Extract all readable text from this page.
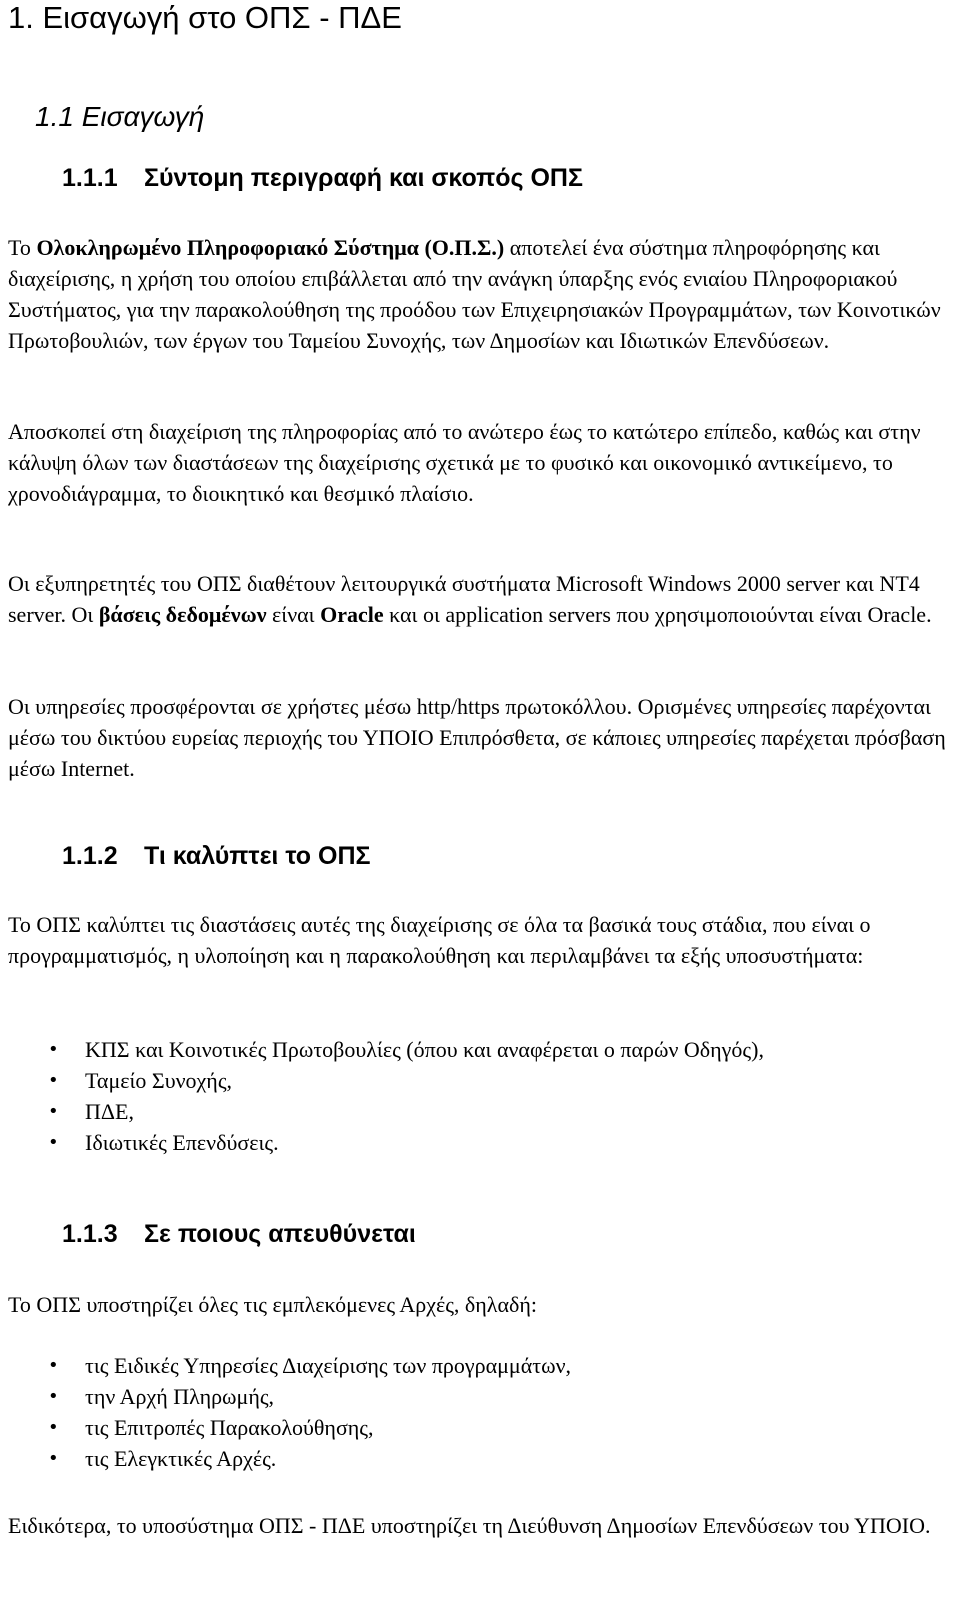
1. Εισαγωγή στο ΟΠΣ - ΠΔΕ
1.1 Εισαγωγή
1.1.1 Σύντομη περιγραφή και σκοπός ΟΠΣ
Το Ολοκληρωμένο Πληροφοριακό Σύστημα (Ο.Π.Σ.) αποτελεί ένα σύστημα πληροφόρησης και διαχείρισης, η χρήση του οποίου επιβάλλεται από την ανάγκη ύπαρξης ενός ενιαίου Πληροφοριακού Συστήματος, για την παρακολούθηση της προόδου των Επιχειρησιακών Προγραμμάτων, των Κοινοτικών Πρωτοβουλιών, των έργων του Ταμείου Συνοχής, των Δημοσίων και Ιδιωτικών Επενδύσεων.
Αποσκοπεί στη διαχείριση της πληροφορίας από το ανώτερο έως το κατώτερο επίπεδο, καθώς και στην κάλυψη όλων των διαστάσεων της διαχείρισης σχετικά με το φυσικό και οικονομικό αντικείμενο, το χρονοδιάγραμμα, το διοικητικό και θεσμικό πλαίσιο.
Οι εξυπηρετητές του ΟΠΣ διαθέτουν λειτουργικά συστήματα Microsoft Windows 2000 server και NT4 server. Οι βάσεις δεδομένων είναι Oracle και οι application servers που χρησιμοποιούνται είναι Oracle.
Οι υπηρεσίες προσφέρονται σε χρήστες μέσω http/https πρωτοκόλλου. Ορισμένες υπηρεσίες παρέχονται μέσω του δικτύου ευρείας περιοχής του ΥΠΟΙΟ Επιπρόσθετα, σε κάποιες υπηρεσίες παρέχεται πρόσβαση μέσω Internet.
1.1.2 Τι καλύπτει το ΟΠΣ
Το ΟΠΣ καλύπτει τις διαστάσεις αυτές της διαχείρισης σε όλα τα βασικά τους στάδια, που είναι ο προγραμματισμός, η υλοποίηση και η παρακολούθηση και περιλαμβάνει τα εξής υποσυστήματα:
• ΚΠΣ και Κοινοτικές Πρωτοβουλίες (όπου και αναφέρεται ο παρών Οδηγός),
• Ταμείο Συνοχής,
• ΠΔΕ,
• Ιδιωτικές Επενδύσεις.
1.1.3 Σε ποιους απευθύνεται
Το ΟΠΣ υποστηρίζει όλες τις εμπλεκόμενες Αρχές, δηλαδή:
• τις Ειδικές Υπηρεσίες Διαχείρισης των προγραμμάτων,
• την Αρχή Πληρωμής,
• τις Επιτροπές Παρακολούθησης,
• τις Ελεγκτικές Αρχές.
Ειδικότερα, το υποσύστημα ΟΠΣ - ΠΔΕ υποστηρίζει τη Διεύθυνση Δημοσίων Επενδύσεων του ΥΠΟΙΟ.
